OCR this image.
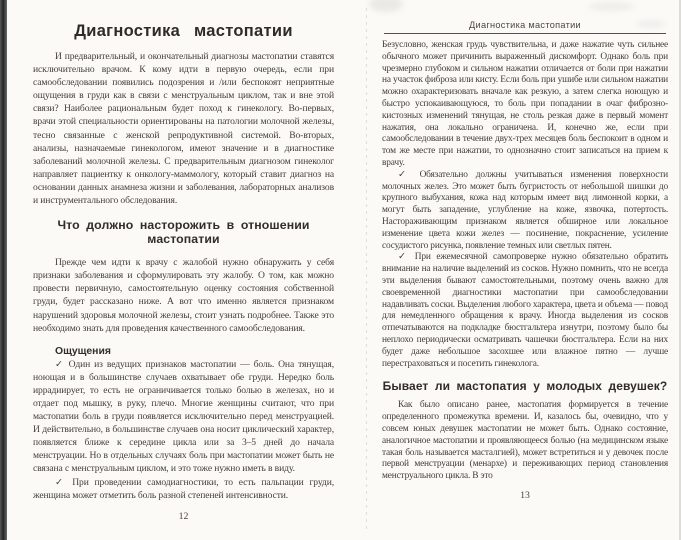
Диагностика мастопатии

И предварительный, и окончательный диагнозы мастопатии ставятся исключительно врачом. К кому идти в первую очередь, если при самообследовании появились подозрения и /или беспокоят неприятные ощущения в груди как в связи с менструальным циклом, так и вне этой связи? Наиболее рациональным будет поход к гинекологу. Во-первых, врачи этой специальности ориентированы на патологии молочной железы, тесно связанные с женской репродуктивной системой. Во-вторых, анализы, назначаемые гинекологом, имеют значение и в диагностике заболеваний молочной железы. С предварительным диагнозом гинеколог направляет пациентку к онкологу-маммологу, который ставит диагноз на основании данных анамнеза жизни и заболевания, лабораторных анализов и инструментального обследования.

Что должно насторожить в отношении мастопатии

Прежде чем идти к врачу с жалобой нужно обнаружить у себя признаки заболевания и сформулировать эту жалобу. О том, как можно провести первичную, самостоятельную оценку состояния собственной груди, будет рассказано ниже. А вот что именно является признаком нарушений здоровья молочной железы, стоит узнать подробнее. Также это необходимо знать для проведения качественного самообследования.

Ощущения

✓ Один из ведущих признаков мастопатии — боль. Она тянущая, ноющая и в большинстве случаев охватывает обе груди. Нередко боль иррадиирует, то есть не ограничивается только болью в железах, но и отдает под мышку, в руку, плечо. Многие женщины считают, что при мастопатии боль в груди появляется исключительно перед менструацией. И действительно, в большинстве случаев она носит циклический характер, появляется ближе к середине цикла или за 3–5 дней до начала менструации. Но в отдельных случаях боль при мастопатии может быть не связана с менструальным циклом, и это тоже нужно иметь в виду.

✓ При проведении самодиагностики, то есть пальпации груди, женщина может отметить боль разной степеней интенсивности.

12
Диагностика мастопатии

Безусловно, женская грудь чувствительна, и даже нажатие чуть сильнее обычного может причинить выраженный дискомфорт. Однако боль при чрезмерно глубоком и сильном нажатии отличается от боли при нажатии на участок фиброза или кисту. Если боль при ушибе или сильном нажатии можно охарактеризовать вначале как резкую, а затем слегка ноющую и быстро успокаивающуюся, то боль при попадании в очаг фиброзно-кистозных изменений тянущая, не столь резкая даже в первый момент нажатия, она локально ограничена. И, конечно же, если при самообследовании в течение двух-трех месяцев боль беспокоит в одном и том же месте при нажатии, то однозначно стоит записаться на прием к врачу.

✓ Обязательно должны учитываться изменения поверхности молочных желез. Это может быть бугристость от небольшой шишки до крупного выбухания, кожа над которым имеет вид лимонной корки, а могут быть западение, углубление на коже, язвочка, потертость. Настораживающим признаком является обширное или локальное изменение цвета кожи желез — посинение, покраснение, усиление сосудистого рисунка, появление темных или светлых пятен.

✓ При ежемесячной самопроверке нужно обязательно обратить внимание на наличие выделений из сосков. Нужно помнить, что не всегда эти выделения бывают самостоятельными, поэтому очень важно для своевременной диагностики мастопатии при самообследовании надавливать соски. Выделения любого характера, цвета и объема — повод для немедленного обращения к врачу. Иногда выделения из сосков отпечатываются на подкладке бюстгальтера изнутри, поэтому было бы неплохо периодически осматривать чашечки бюстгальтера. Если на них будет даже небольшое засохшее или влажное пятно — лучше перестраховаться и посетить гинеколога.

Бывает ли мастопатия у молодых девушек?

Как было описано ранее, мастопатия формируется в течение определенного промежутка времени. И, казалось бы, очевидно, что у совсем юных девушек мастопатии не может быть. Однако состояние, аналогичное мастопатии и проявляющееся болью (на медицинском языке такая боль называется масталгией), может встретиться и у девочек после первой менструации (менархе) и переживающих период становления менструального цикла. В это

13
